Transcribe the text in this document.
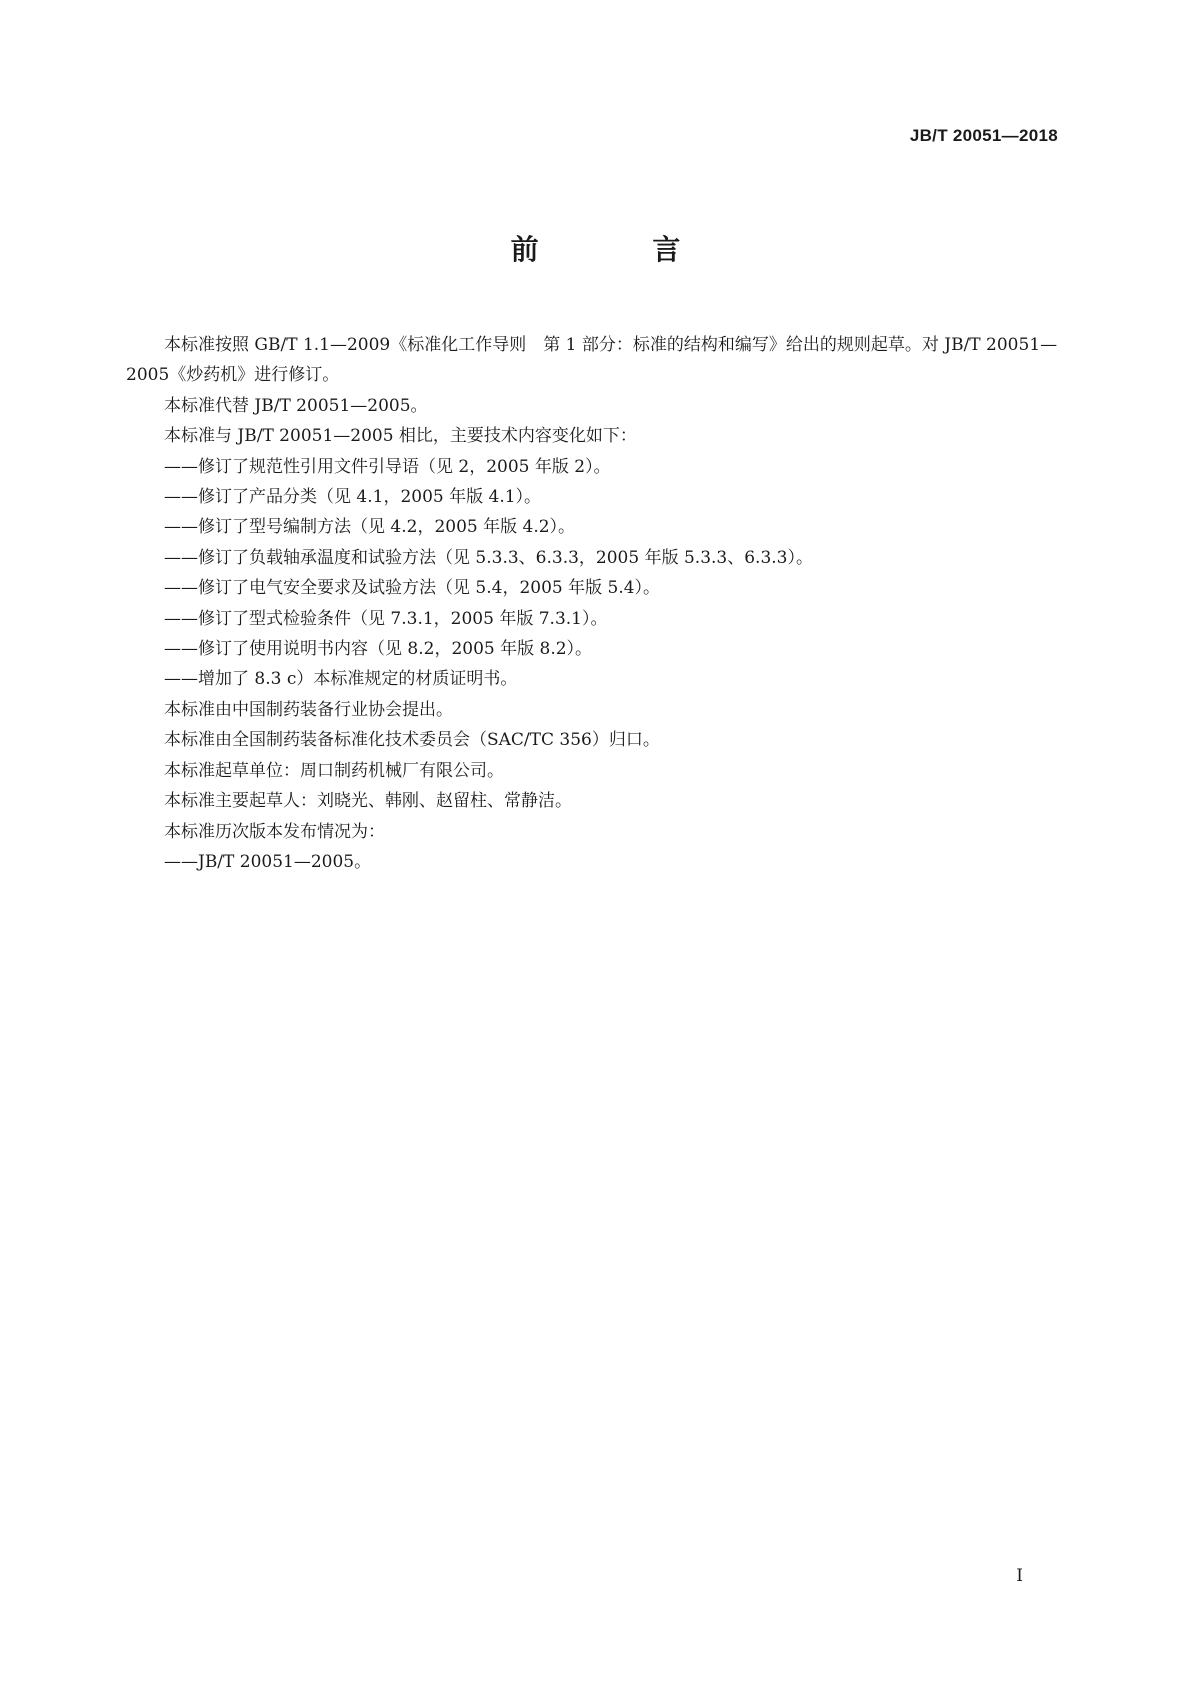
JB/T 20051—2018
前 言

本标准按照 GB/T 1.1—2009《标准化工作导则　第 1 部分：标准的结构和编写》给出的规则起草。对 JB/T 20051—2005《炒药机》进行修订。

本标准代替 JB/T 20051—2005。

本标准与 JB/T 20051—2005 相比，主要技术内容变化如下：

——修订了规范性引用文件引导语（见 2，2005 年版 2）。

——修订了产品分类（见 4.1，2005 年版 4.1）。

——修订了型号编制方法（见 4.2，2005 年版 4.2）。

——修订了负载轴承温度和试验方法（见 5.3.3、6.3.3，2005 年版 5.3.3、6.3.3）。

——修订了电气安全要求及试验方法（见 5.4，2005 年版 5.4）。

——修订了型式检验条件（见 7.3.1，2005 年版 7.3.1）。

——修订了使用说明书内容（见 8.2，2005 年版 8.2）。

——增加了 8.3 c）本标准规定的材质证明书。

本标准由中国制药装备行业协会提出。

本标准由全国制药装备标准化技术委员会（SAC/TC 356）归口。

本标准起草单位：周口制药机械厂有限公司。

本标准主要起草人：刘晓光、韩刚、赵留柱、常静洁。

本标准历次版本发布情况为：

——JB/T 20051—2005。

I
